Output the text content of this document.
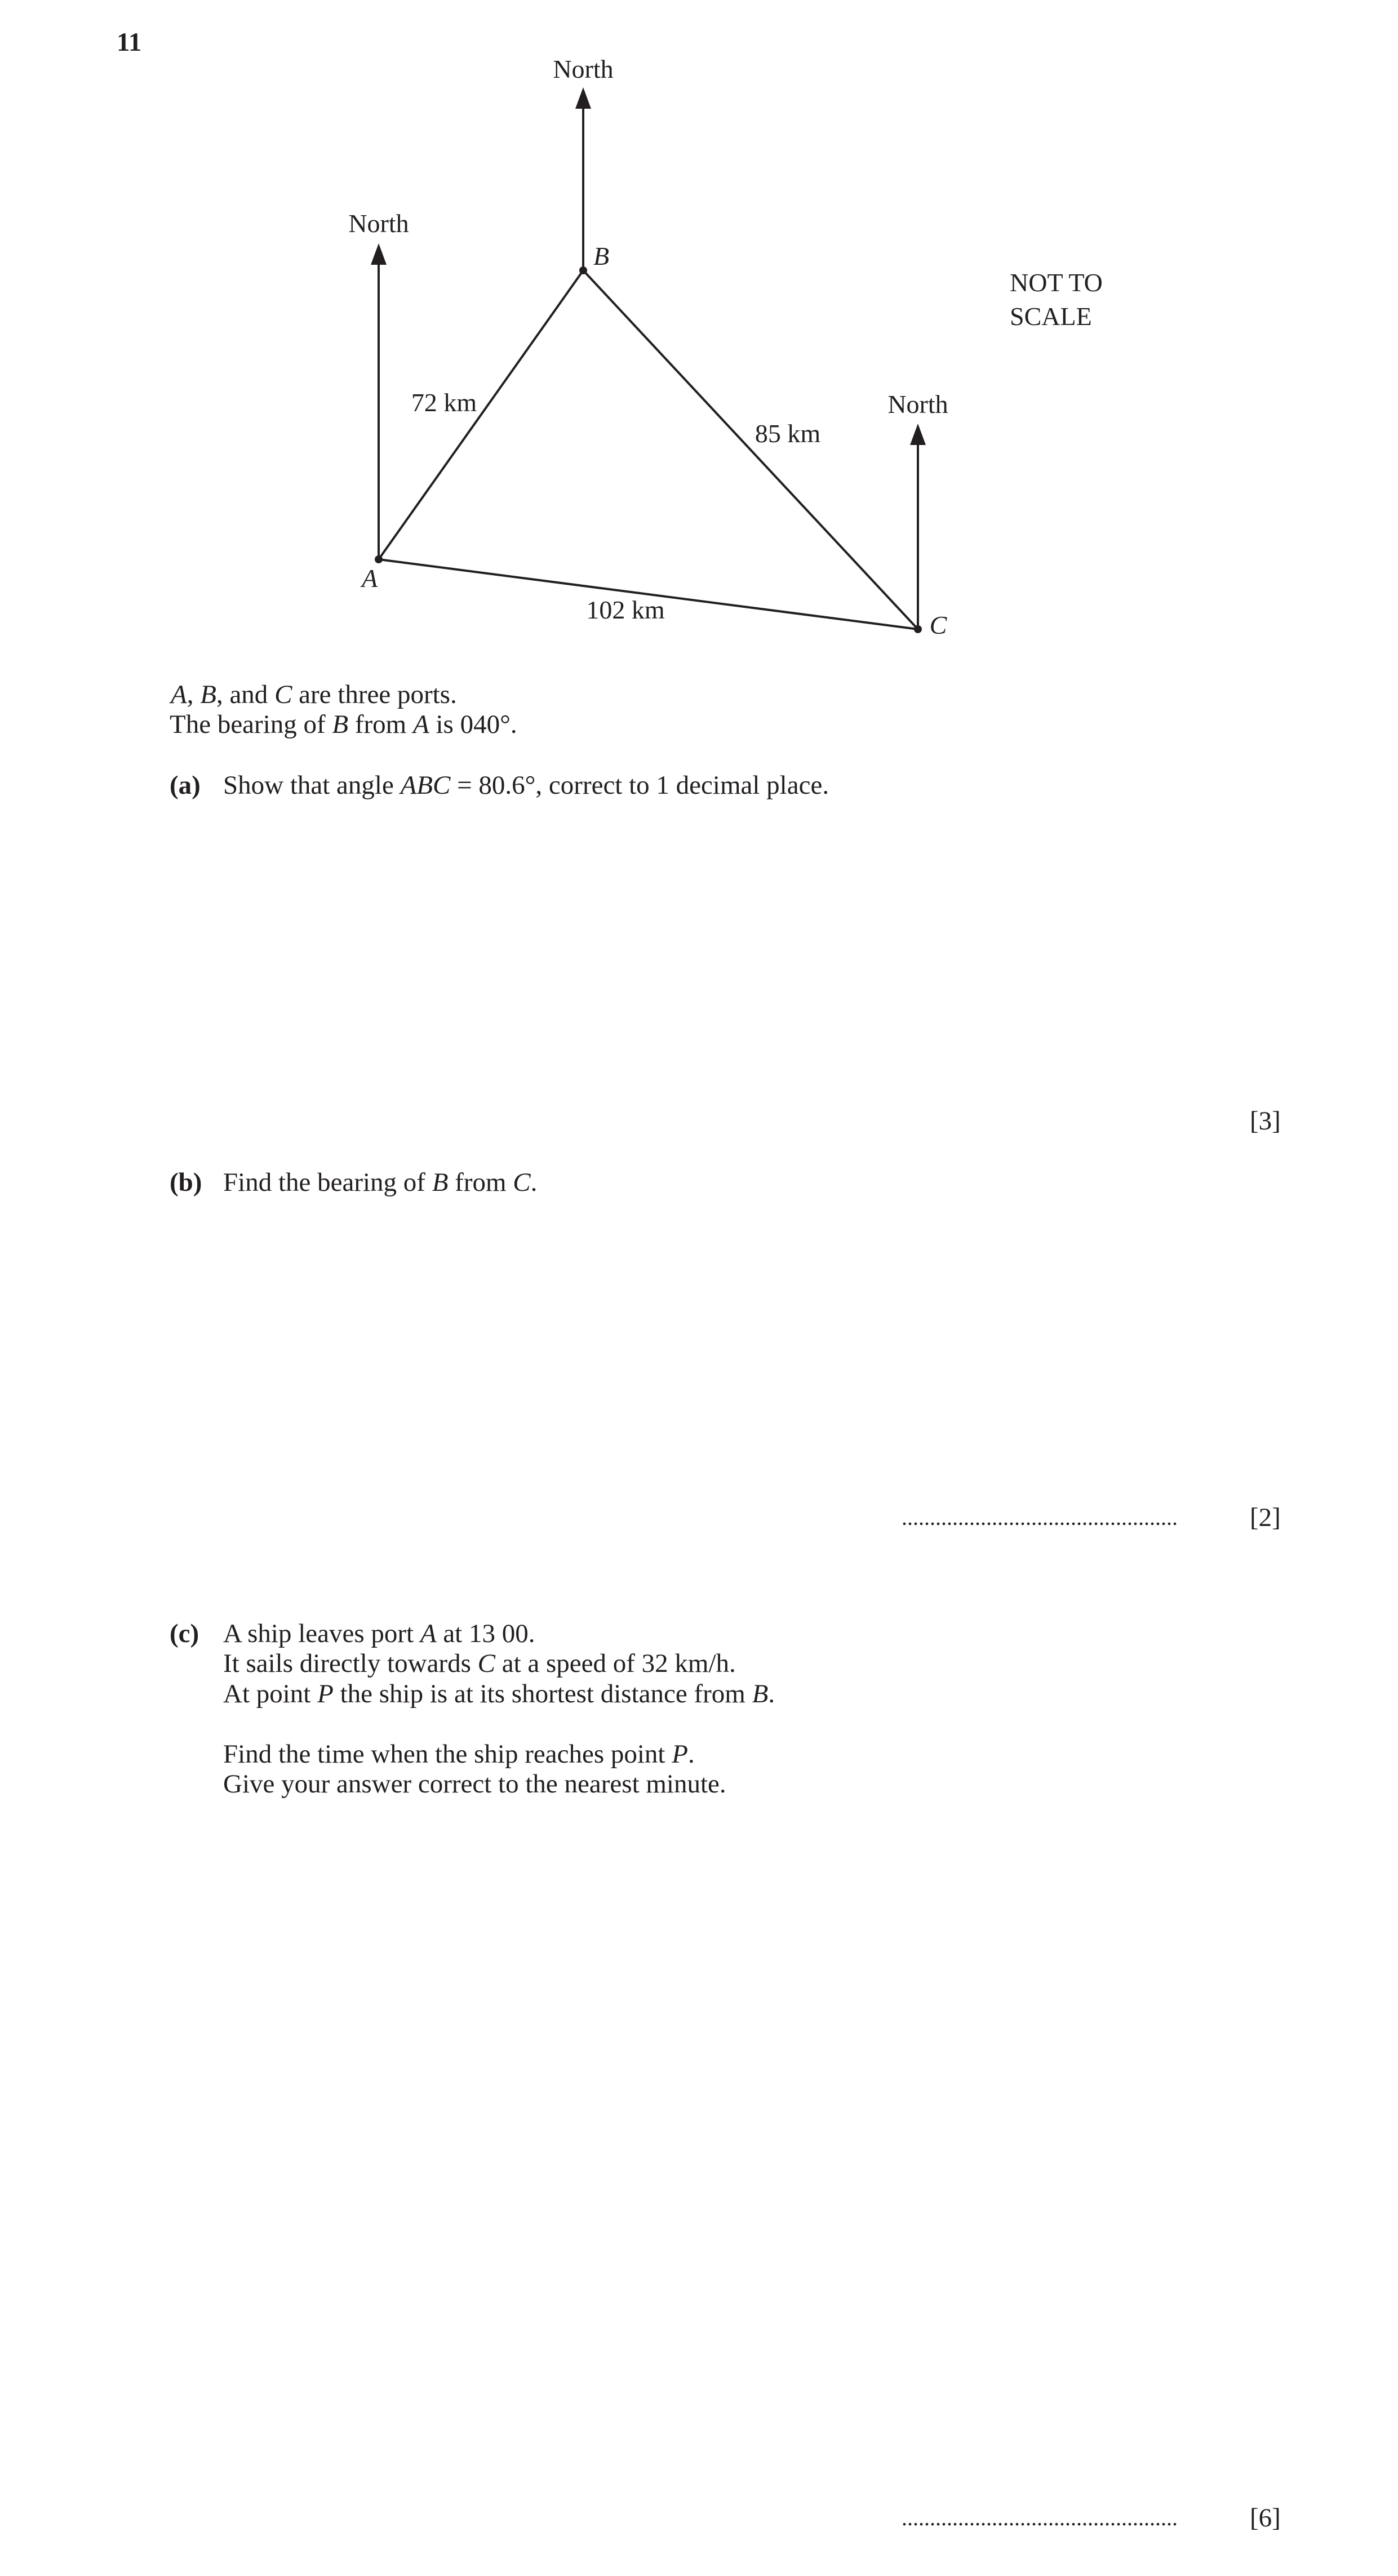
11
North
North
North
A
B
C
72 km
85 km
102 km
NOT TO
SCALE
A, B, and C are three ports.
The bearing of B from A is 040°.
(a) Show that angle ABC = 80.6°, correct to 1 decimal place.
[3]
(b) Find the bearing of B from C.
.................................................	[2]
(c) A ship leaves port A at 13 00.
It sails directly towards C at a speed of 32 km/h.
At point P the ship is at its shortest distance from B.
Find the time when the ship reaches point P.
Give your answer correct to the nearest minute.
.................................................	[6]
